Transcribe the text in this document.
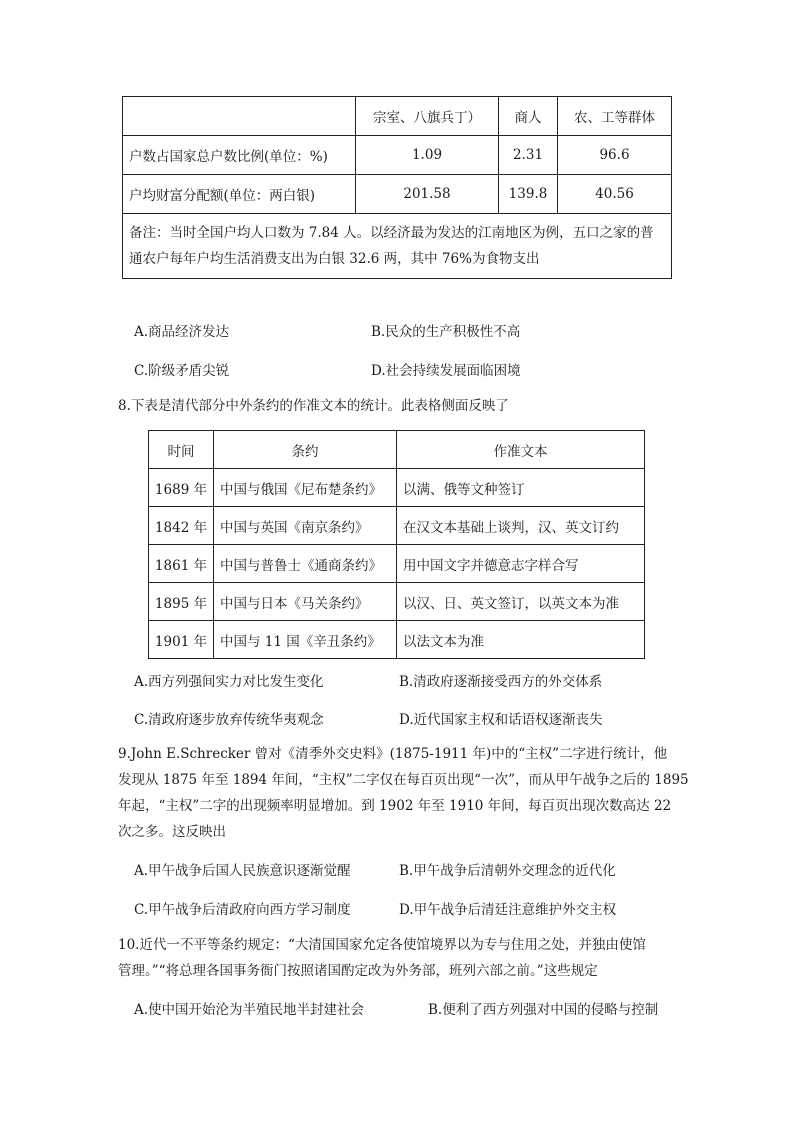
	宗室、八旗兵丁）	商人	农、工等群体
户数占国家总户数比例(单位：%)	1.09	2.31	96.6
户均财富分配额(单位：两白银)	201.58	139.8	40.56

备注：当时全国户均人口数为 7.84 人。以经济最为发达的江南地区为例，五口之家的普
通农户每年户均生活消费支出为白银 32.6 两，其中 76%为食物支出			
A.商品经济发达	B.民众的生产积极性不高
C.阶级矛盾尖锐	D.社会持续发展面临困境
8.下表是清代部分中外条约的作准文本的统计。此表格侧面反映了
时间	条约	作准文本
1689 年	中国与俄国《尼布楚条约》	以满、俄等文种签订
1842 年	中国与英国《南京条约》	在汉文本基础上谈判，汉、英文订约
1861 年	中国与普鲁士《通商条约》	用中国文字并德意志字样合写
1895 年	中国与日本《马关条约》	以汉、日、英文签订，以英文本为准
1901 年	中国与 11 国《辛丑条约》	以法文本为准
A.西方列强间实力对比发生变化	B.清政府逐渐接受西方的外交体系
C.清政府逐步放弃传统华夷观念	D.近代国家主权和话语权逐渐丧失
9.John E.Schrecker 曾对《清季外交史料》(1875-1911 年)中的“主权”二字进行统计，他
发现从 1875 年至 1894 年间，“主权”二字仅在每百页出现“一次”，而从甲午战争之后的 1895
年起，“主权”二字的出现频率明显增加。到 1902 年至 1910 年间，每百页出现次数高达 22
次之多。这反映出
A.甲午战争后国人民族意识逐渐觉醒	B.甲午战争后清朝外交理念的近代化
C.甲午战争后清政府向西方学习制度	D.甲午战争后清廷注意维护外交主权
10.近代一不平等条约规定：“大清国国家允定各使馆境界以为专与住用之处，并独由使馆
管理。”“将总理各国事务衙门按照诸国酌定改为外务部，班列六部之前。”这些规定
A.使中国开始沦为半殖民地半封建社会	B.便利了西方列强对中国的侵略与控制
